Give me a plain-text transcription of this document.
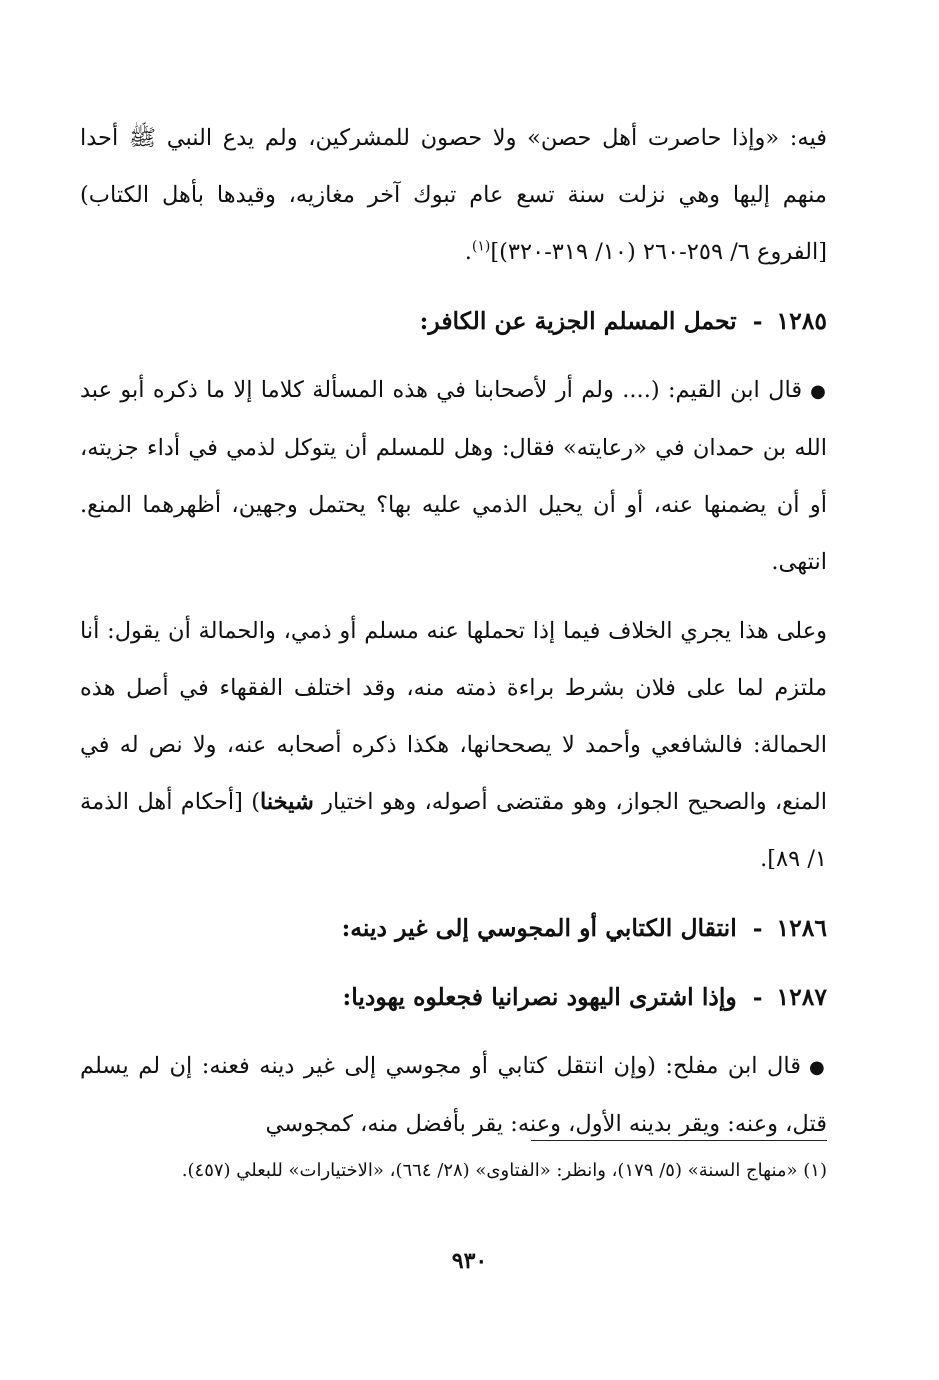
فيه: «وإذا حاصرت أهل حصن» ولا حصون للمشركين، ولم يدع النبي ﷺ أحدا منهم إليها وهي نزلت سنة تسع عام تبوك آخر مغازيه، وقيدها بأهل الكتاب) [الفروع ٦/ ٢٥٩-٢٦٠ (١٠/ ٣١٩-٣٢٠)]$^{(١)}$.

١٢٨٥-تحمل المسلم الجزية عن الكافر:

●قال ابن القيم: (.... ولم أر لأصحابنا في هذه المسألة كلاما إلا ما ذكره أبو عبد الله بن حمدان في «رعايته» فقال: وهل للمسلم أن يتوكل لذمي في أداء جزيته، أو أن يضمنها عنه، أو أن يحيل الذمي عليه بها؟ يحتمل وجهين، أظهرهما المنع. انتهى.

وعلى هذا يجري الخلاف فيما إذا تحملها عنه مسلم أو ذمي، والحمالة أن يقول: أنا ملتزم لما على فلان بشرط براءة ذمته منه، وقد اختلف الفقهاء في أصل هذه الحمالة: فالشافعي وأحمد لا يصححانها، هكذا ذكره أصحابه عنه، ولا نص له في المنع، والصحيح الجواز، وهو مقتضى أصوله، وهو اختيار شيخنا) [أحكام أهل الذمة ١/ ٨٩].

١٢٨٦-انتقال الكتابي أو المجوسي إلى غير دينه:
١٢٨٧-وإذا اشترى اليهود نصرانيا فجعلوه يهوديا:

●قال ابن مفلح: (وإن انتقل كتابي أو مجوسي إلى غير دينه فعنه: إن لم يسلم قتل، وعنه: ويقر بدينه الأول، وعنه: يقر بأفضل منه، كمجوسي

(١) «منهاج السنة» (٥/ ١٧٩)، وانظر: «الفتاوى» (٢٨/ ٦٦٤)، «الاختيارات» للبعلي (٤٥٧).

٩٣٠
